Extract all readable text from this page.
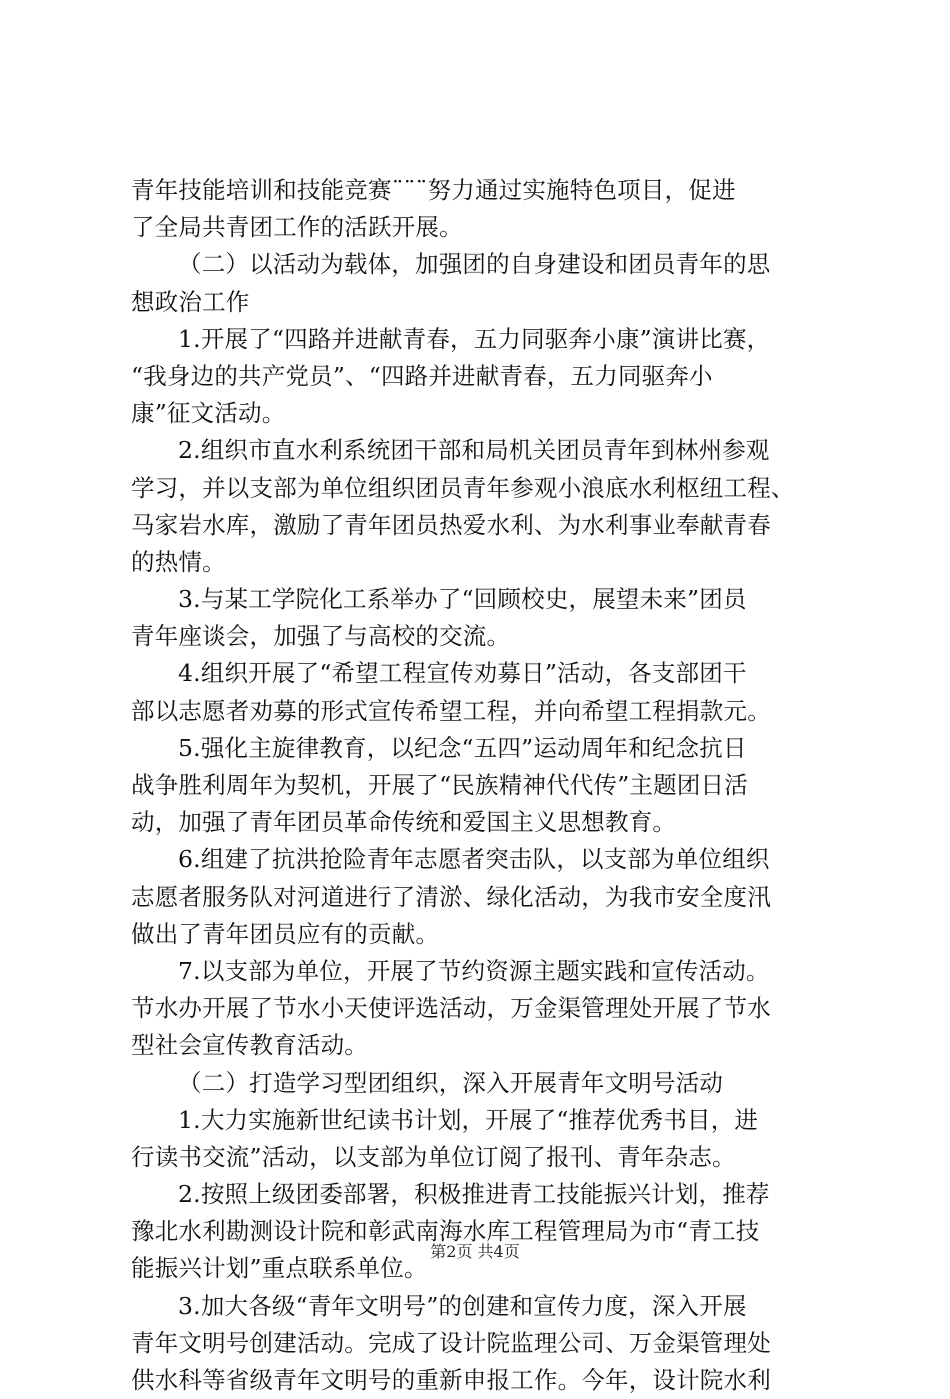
青年技能培训和技能竞赛¨¨¨努力通过实施特色项目，促进
了全局共青团工作的活跃开展。
（二）以活动为载体，加强团的自身建设和团员青年的思
想政治工作
1.开展了“四路并进献青春，五力同驱奔小康”演讲比赛，
“我身边的共产党员”、“四路并进献青春，五力同驱奔小
康”征文活动。
2.组织市直水利系统团干部和局机关团员青年到林州参观
学习，并以支部为单位组织团员青年参观小浪底水利枢纽工程、
马家岩水库，激励了青年团员热爱水利、为水利事业奉献青春
的热情。
3.与某工学院化工系举办了“回顾校史，展望未来”团员
青年座谈会，加强了与高校的交流。
4.组织开展了“希望工程宣传劝募日”活动，各支部团干
部以志愿者劝募的形式宣传希望工程，并向希望工程捐款元。
5.强化主旋律教育，以纪念“五四”运动周年和纪念抗日
战争胜利周年为契机，开展了“民族精神代代传”主题团日活
动，加强了青年团员革命传统和爱国主义思想教育。
6.组建了抗洪抢险青年志愿者突击队，以支部为单位组织
志愿者服务队对河道进行了清淤、绿化活动，为我市安全度汛
做出了青年团员应有的贡献。
7.以支部为单位，开展了节约资源主题实践和宣传活动。
节水办开展了节水小天使评选活动，万金渠管理处开展了节水
型社会宣传教育活动。
（二）打造学习型团组织，深入开展青年文明号活动
1.大力实施新世纪读书计划，开展了“推荐优秀书目，进
行读书交流”活动，以支部为单位订阅了报刊、青年杂志。
2.按照上级团委部署，积极推进青工技能振兴计划，推荐
豫北水利勘测设计院和彰武南海水库工程管理局为市“青工技
能振兴计划”重点联系单位。
3.加大各级“青年文明号”的创建和宣传力度，深入开展
青年文明号创建活动。完成了设计院监理公司、万金渠管理处
供水科等省级青年文明号的重新申报工作。今年，设计院水利
第2页 共4页
